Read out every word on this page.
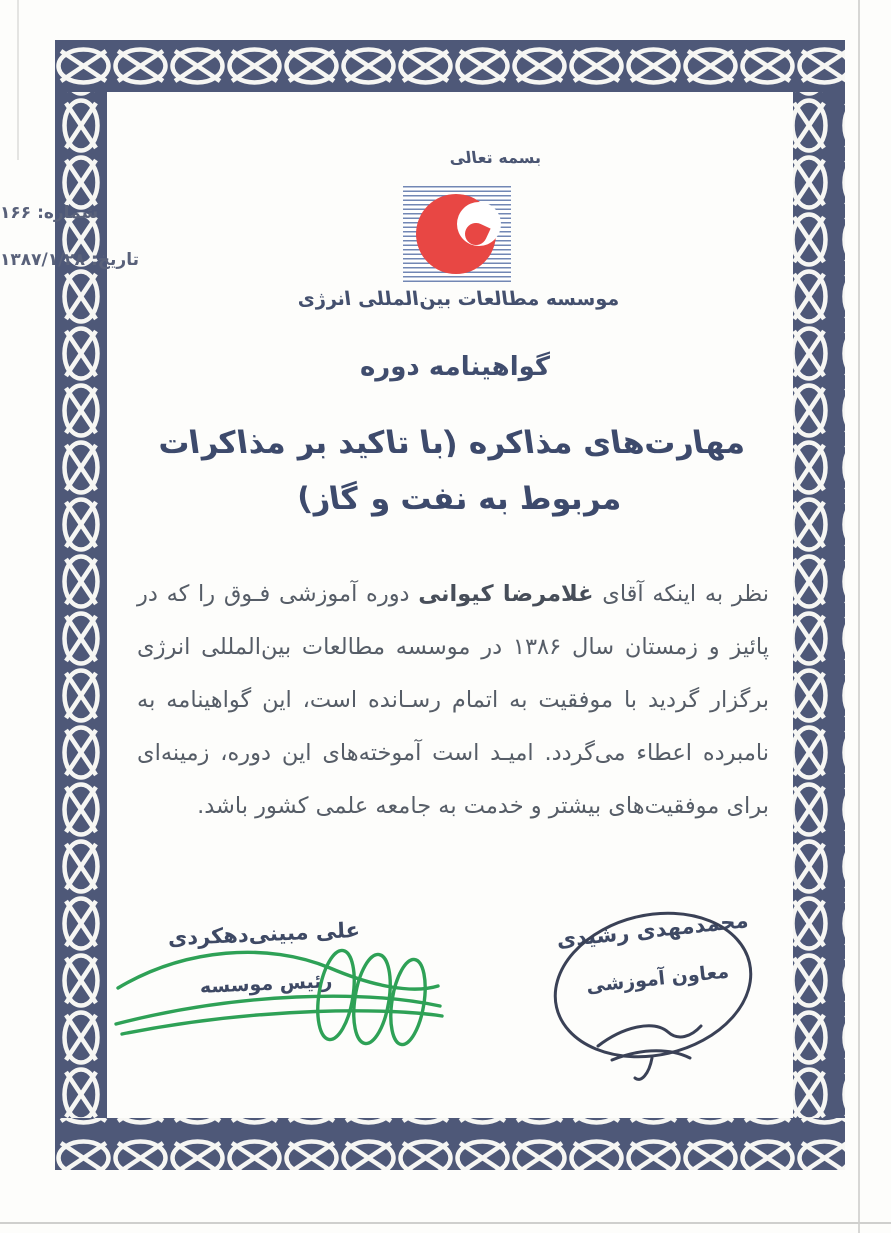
بسمه تعالی
شماره: ۱۶۶
تاریخ: ۱۳۸۷/۱/۲۸
موسسه مطالعات بین‌المللی انرژی
گواهینامه دوره
مهارت‌های مذاکره (با تاکید بر مذاکرات
مربوط به نفت و گاز)
نظر به اینکه آقای غلامرضا کیوانی دوره آموزشی فـوق را که در پائیز و زمستان سال ۱۳۸۶ در موسسه مطالعات بین‌المللی انرژی برگزار گردید با موفقیت به اتمام رسـانده است، این گواهینامه به نامبرده اعطاء می‌گردد. امیـد است آموخته‌های این دوره، زمینه‌ای برای موفقیت‌های بیشتر و خدمت به جامعه علمی کشور باشد.
علی مبینی‌دهکردی
رئیس موسسه
محمدمهدی رشیدی
معاون آموزشی
